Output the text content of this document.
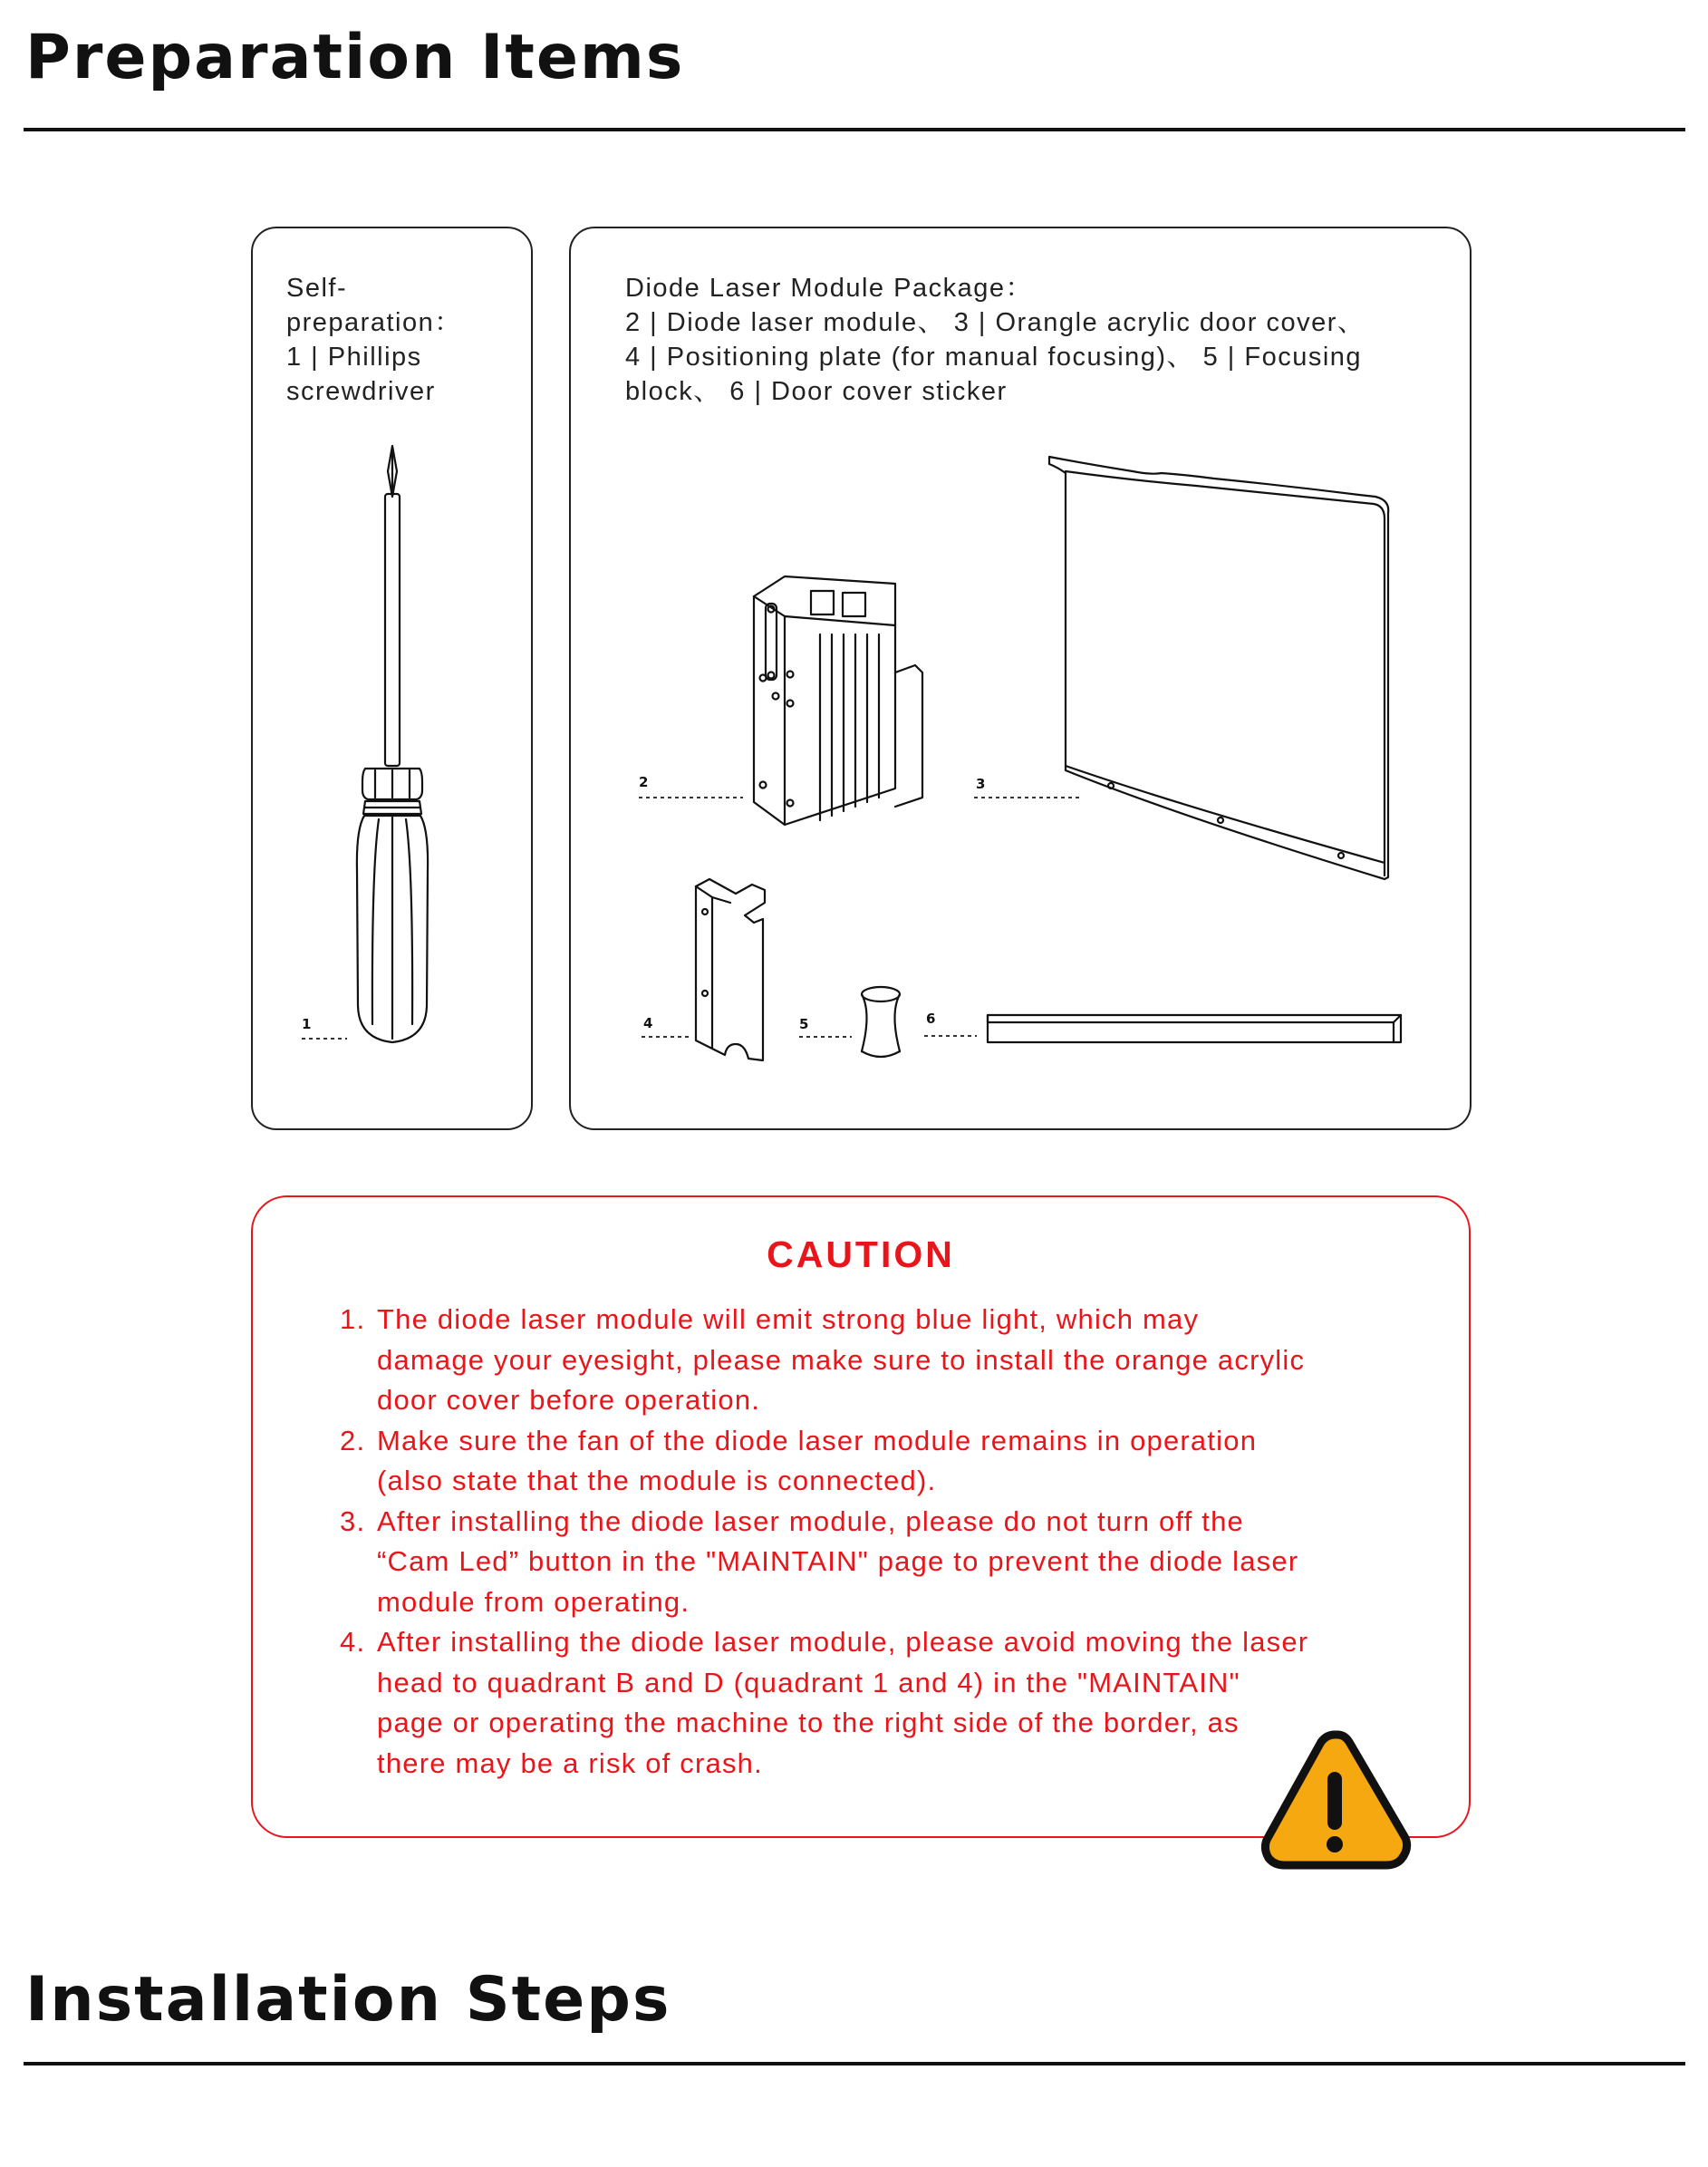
Preparation Items
Self-
preparation：
1 | Phillips
screwdriver
Diode Laser Module Package：
2 | Diode laser module、 3 | Orangle acrylic door cover、
4 | Positioning plate (for manual focusing)、 5 | Focusing
block、 6 | Door cover sticker
1
2	3
4	5	6
CAUTION
1. The diode laser module will emit strong blue light, which may
damage your eyesight, please make sure to install the orange acrylic
door cover before operation.
2. Make sure the fan of the diode laser module remains in operation
(also state that the module is connected).
3. After installing the diode laser module, please do not turn off the
“Cam Led” button in the "MAINTAIN" page to prevent the diode laser
module from operating.
4. After installing the diode laser module, please avoid moving the laser
head to quadrant B and D (quadrant 1 and 4) in the "MAINTAIN"
page or operating the machine to the right side of the border, as
there may be a risk of crash.
Installation Steps
